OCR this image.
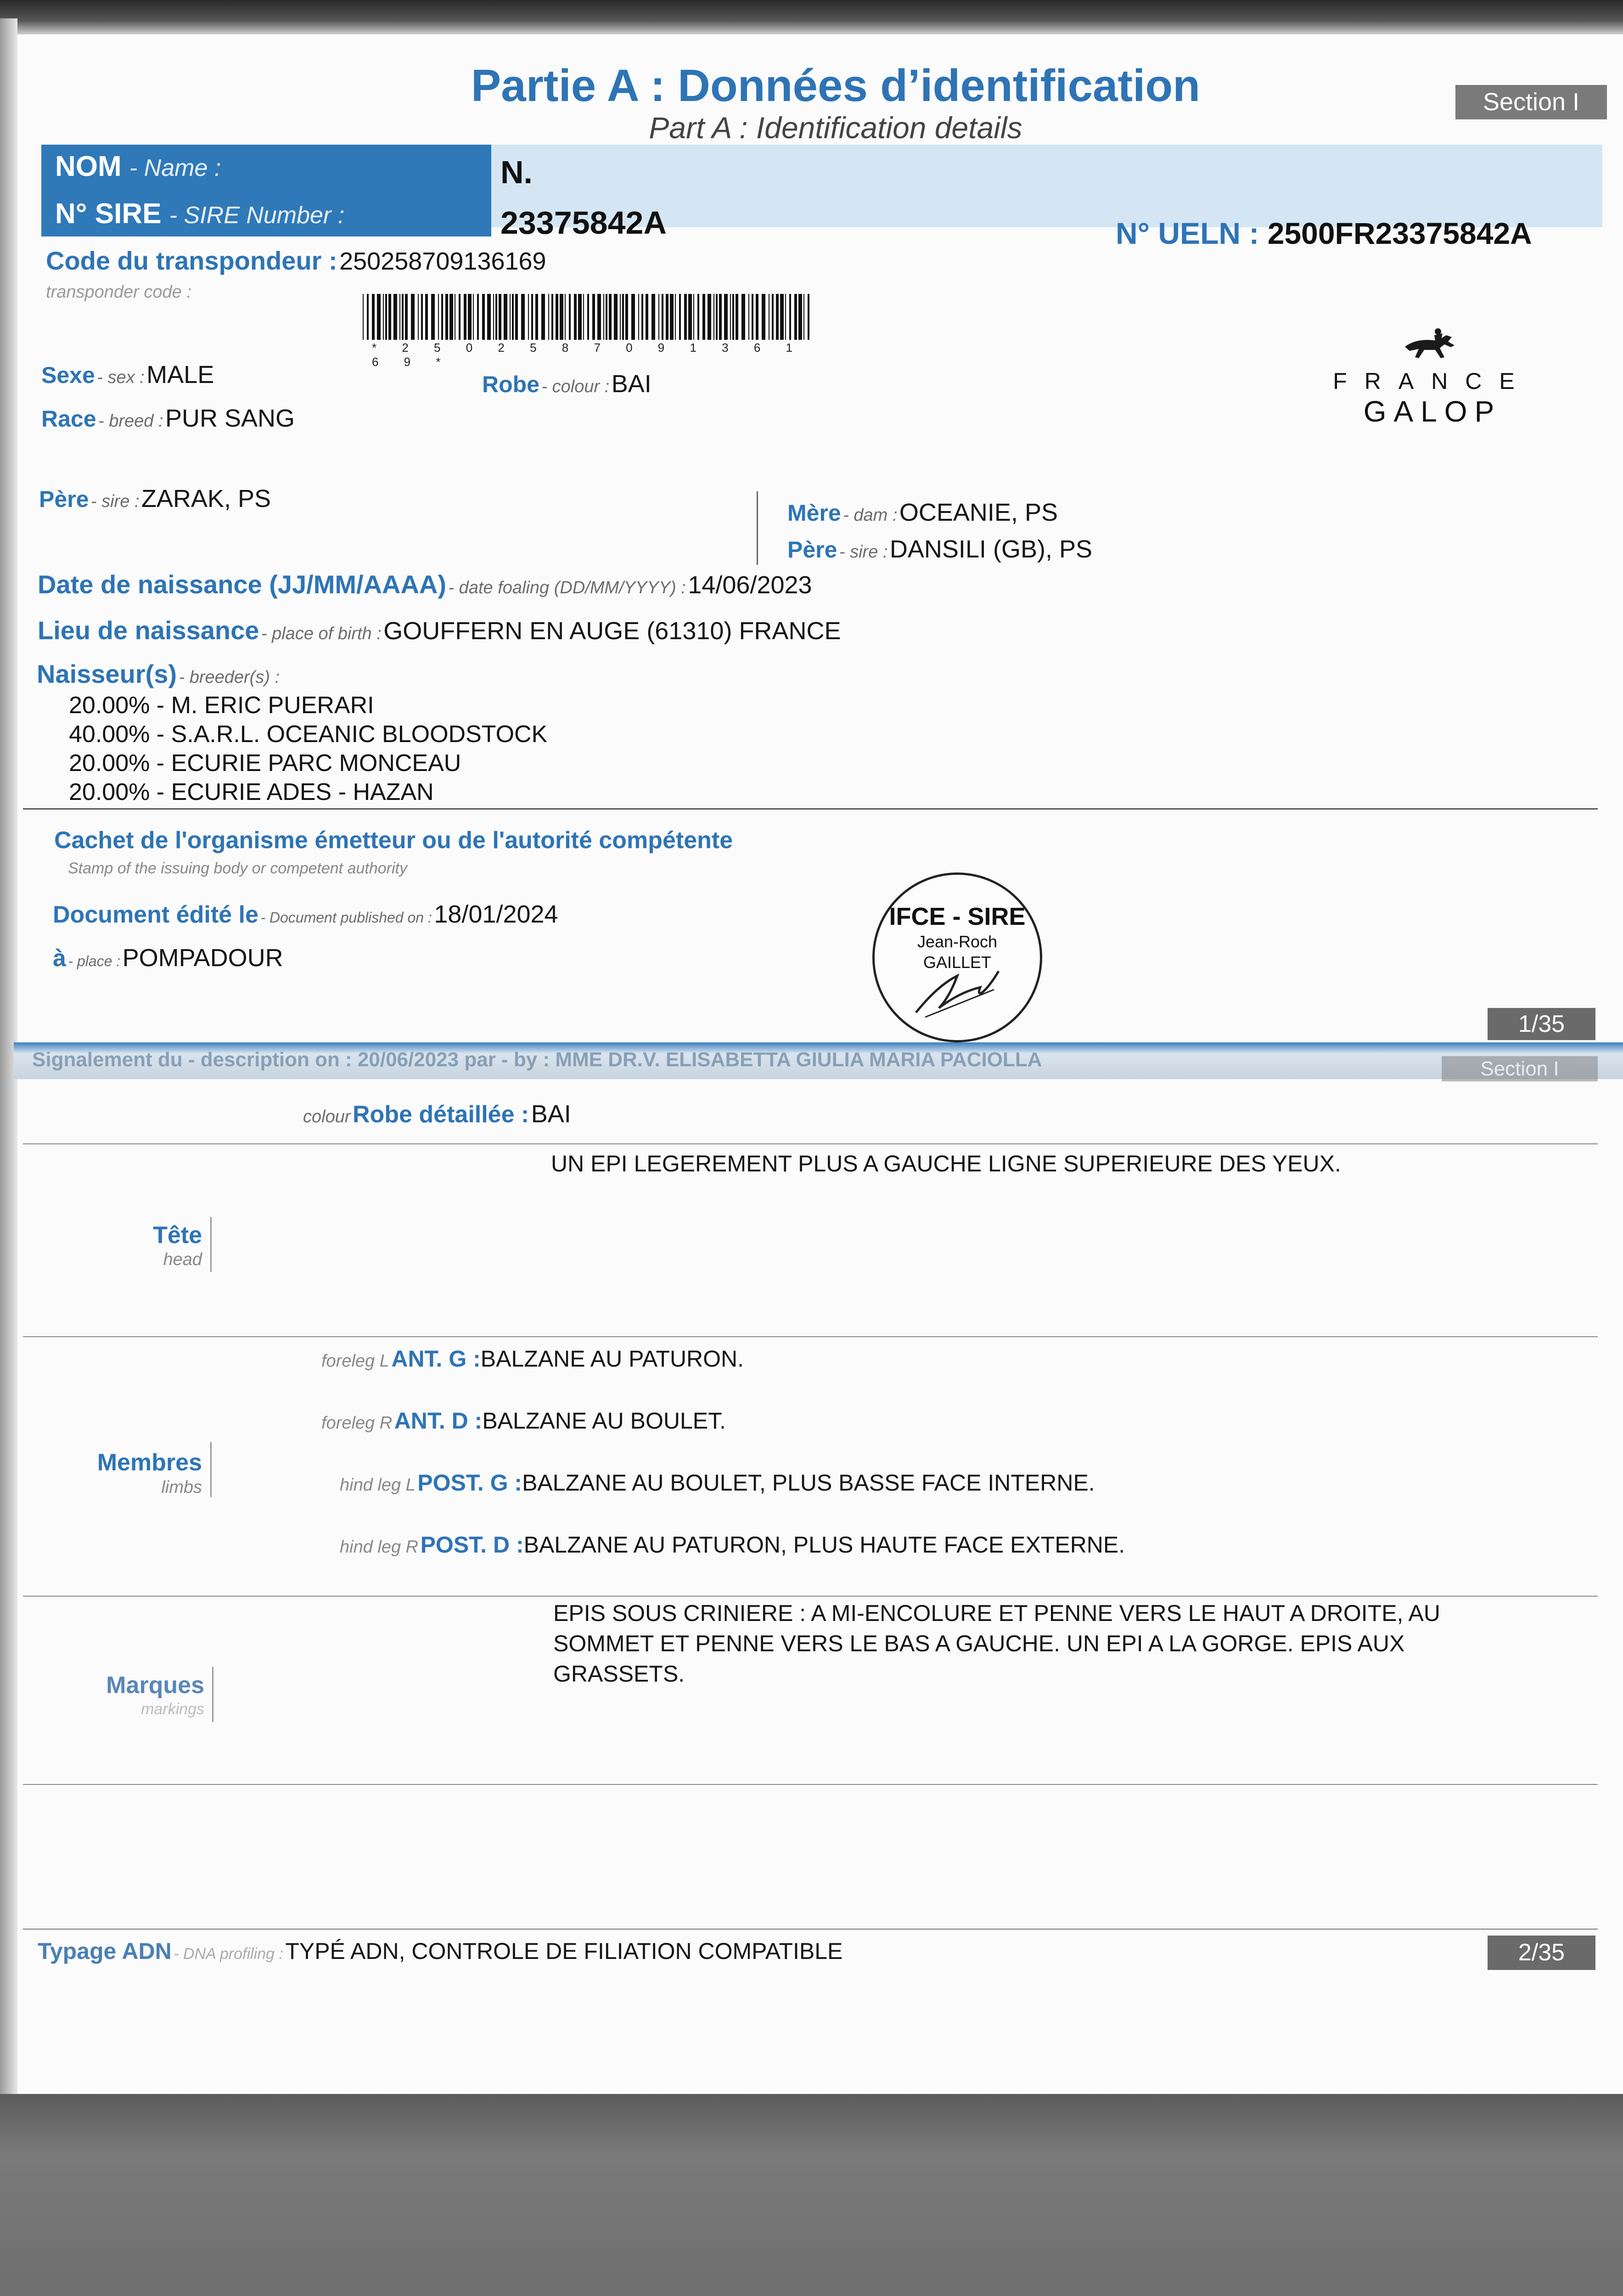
Partie A : Données d’identification
Part A : Identification details
Section I
NOM - Name :
N° SIRE - SIRE Number :
N.
23375842A	N° UELN : 2500FR23375842A
Code du transpondeur : 250258709136169
transponder code :
* 2 5 0 2 5 8 7 0 9 1 3 6 1 6 9 *
Sexe - sex : MALE	Robe - colour : BAI
Race - breed : PUR SANG
FRANCE
GALOP
Père - sire : ZARAK, PS
Mère - dam : OCEANIE, PS
Père - sire : DANSILI (GB), PS
Date de naissance (JJ/MM/AAAA) - date foaling (DD/MM/YYYY) : 14/06/2023
Lieu de naissance - place of birth : GOUFFERN EN AUGE (61310) FRANCE
Naisseur(s) - breeder(s) :
20.00% - M. ERIC PUERARI
40.00% - S.A.R.L. OCEANIC BLOODSTOCK
20.00% - ECURIE PARC MONCEAU
20.00% - ECURIE ADES - HAZAN
Cachet de l'organisme émetteur ou de l'autorité compétente
Stamp of the issuing body or competent authority
Document édité le - Document published on : 18/01/2024
à - place : POMPADOUR
IFCE - SIRE
Jean-Roch
GAILLET
1/35
Signalement du - description on : 20/06/2023 par - by : MME DR.V. ELISABETTA GIULIA MARIA PACIOLLA	Section I
colour Robe détaillée : BAI
UN EPI LEGEREMENT PLUS A GAUCHE LIGNE SUPERIEURE DES YEUX.
Tête
head
foreleg L ANT. G :BALZANE AU PATURON.
foreleg R ANT. D :BALZANE AU BOULET.
hind leg L POST. G :BALZANE AU BOULET, PLUS BASSE FACE INTERNE.
hind leg R POST. D :BALZANE AU PATURON, PLUS HAUTE FACE EXTERNE.
Membres
limbs
EPIS SOUS CRINIERE : A MI-ENCOLURE ET PENNE VERS LE HAUT A DROITE, AU
SOMMET ET PENNE VERS LE BAS A GAUCHE. UN EPI A LA GORGE. EPIS AUX
GRASSETS.
Marques
markings
Typage ADN - DNA profiling : TYPÉ ADN, CONTROLE DE FILIATION COMPATIBLE	2/35
